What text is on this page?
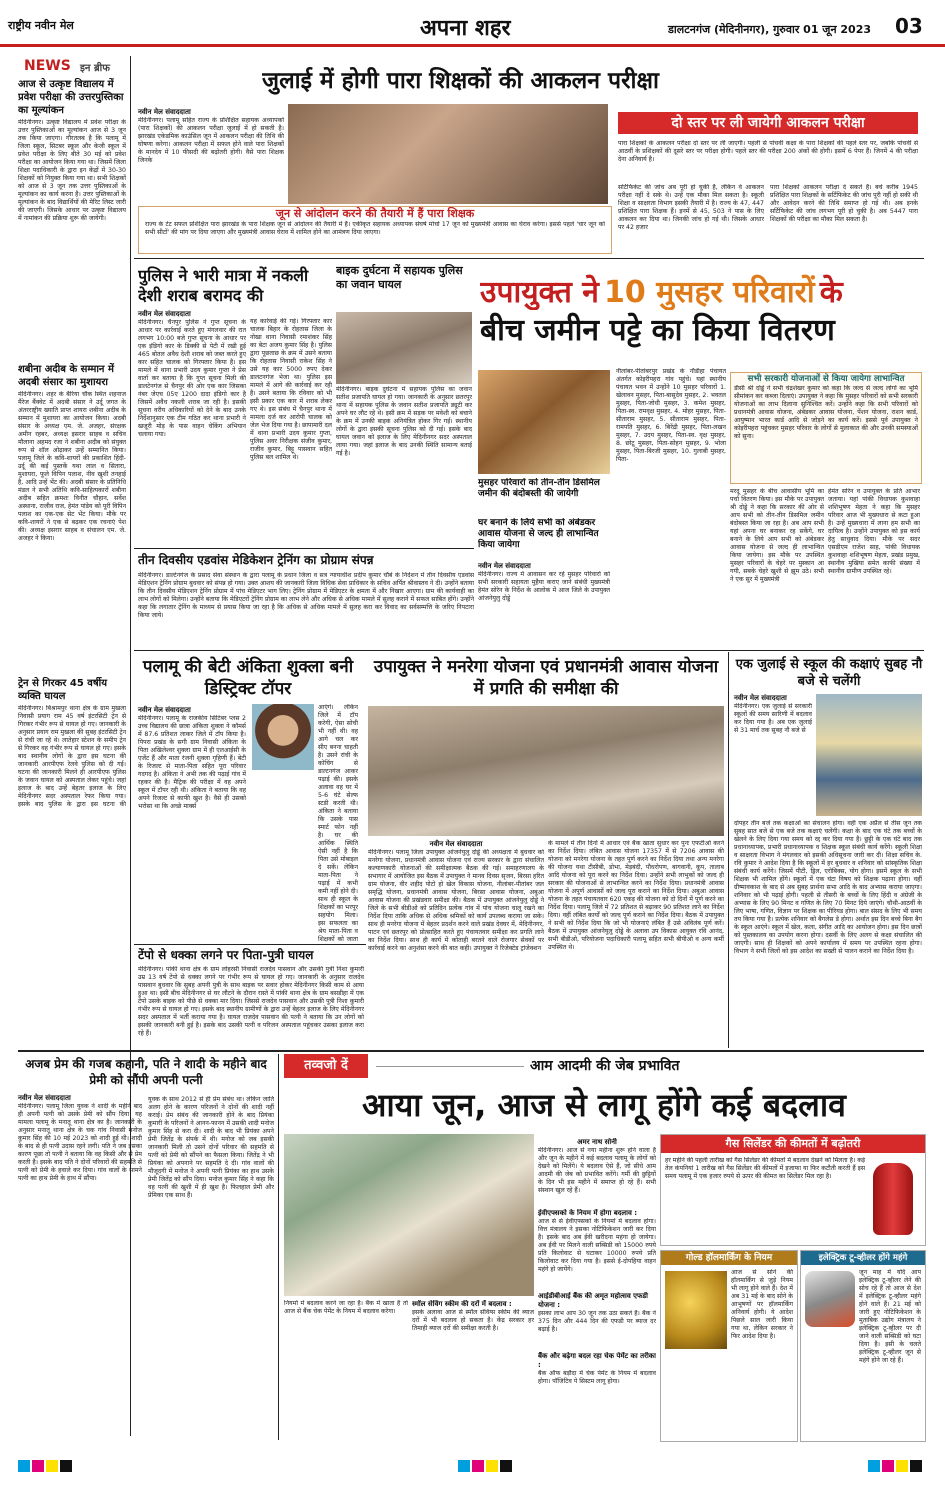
राष्ट्रीय नवीन मेल	अपना शहर	डालटनगंज (मेदिनीनगर), गुरुवार 01 जून 2023 03
NEWS इन ब्रीफ
आज से उत्कृष्ट विद्यालय में प्रवेश परीक्षा की उत्तरपुस्तिका का मूल्यांकन
मेदिनीनगर। उत्कृष्ट विद्यालय में प्रवेश परीक्षा के उत्तर पुस्तिकाओं का मूल्यांकन आज से 3 जून तक किया जाएगा। गौरतलब है कि पलामू में जिला स्कूल, सिटबर स्कूल और केजी स्कूल में प्रवेश परीक्षा के लिए बीते 30 मई को प्रवेश परीक्षा का आयोजन किया गया था। जिसमें जिला शिक्षा पदाधिकारी के द्वारा इन केंद्रों में 30-30 शिक्षकों को नियुक्त किया गया था। सभी शिक्षकों को आज से 3 जून तक उत्तर पुस्तिकाओं के मूल्यांकन का कार्य करना है। उत्तर पुस्तिकाओं के मूल्यांकन के बाद विद्यार्थियों की मेरिट लिस्ट जारी की जाएगी। जिसके आधार पर उत्कृष्ट विद्यालय में नामांकन की प्रक्रिया शुरू की जायेगी।
शबीना अदीब के सम्मान में अदबी संसार का मुशायरा
मेदिनीनगर। शहर के बैरिया चौक स्थित शहनाज मैरेज बैंक्वेट में अदबी संसार ने उर्दू जगत के अंतरराष्ट्रीय ख्याति प्राप्त शायरा शबीना अदीब के सम्मान में मुशायरा का आयोजन किया। अदबी संसार के अध्यक्ष एम. जे. अजहर, संरक्षक अमीन रहबर, अध्यक्ष इसरार साहब व सचिव मौलाना अहमद रजा ने शबीना अदीब को संयुक्त रूप से शॉल ओढ़ाकर उन्हें सम्मानित किया। पलामू जिले के कवि-शायरों की प्रकाशित हिंदी-उर्दू की कई पुस्तकें यथा लाल व सितारा, मुशायरा, फूले विपिन पलाश, नीव खुशी तनहाई है, आदि उन्हें भेंट की। अदबी संसार के प्रतिनिधि मंडल ने सभी अतिथि कवि-साहित्यकारों शबीना अदीब सहित क्रमशः विनीत चौहान, सर्वेश अस्थाना, राजीव राज, हेमंत पांडेय को पूरी विपिन पलाश का एक-एक सेट भेंट किया। मौके पर कवि-शायरों ने एक से बढ़कर एक रचनाएं पेश की। अध्यक्ष इसरार साहब व संचालन एम. जे. अजहर ने किया।
ट्रेन से गिरकर 45 वर्षीय व्यक्ति घायल
मेदिनीनगर। बिश्रामपुर थाना क्षेत्र के ग्राम मुखला निवासी प्रयाग राम 45 वर्ष इंटरसिटी ट्रेन से गिरकर गंभीर रूप से घायल हो गए। जानकारी के अनुसार प्रयाग राम मुखला की सुबह इंटरसिटी ट्रेन से रांची जा रहे थे। लातेहार स्टेशन के समीप ट्रेन से गिरकर वह गंभीर रूप से घायल हो गए। इसके बाद स्थानीय लोगों के द्वारा इस घटना की जानकारी आरपीएफ रेलवे पुलिस को दी गई। घटना की जानकारी मिलने ही आरपीएफ पुलिस के जवान घायल को अस्पताल लेकर पहुंचे। जहां इलाज के बाद उन्हें बेहतर इलाज के लिए मेदिनीनगर सदर अस्पताल रेफर किया गया। इसके बाद पुलिस के द्वारा इस घटना की
जुलाई में होगी पारा शिक्षकों की आकलन परीक्षा
नवीन मेल संवाददाता
मेदिनीनगर। पलामू सहित राज्य के प्रशिक्षित सहायक अध्यापकों (पारा शिक्षकों) की आकलन परीक्षा जुलाई में हो सकती है। झारखंड एकेडमिक काउंसिल जून में आकलन परीक्षा की तिथि की घोषणा करेगा। आकलन परीक्षा में सफल होने वाले पारा शिक्षकों के मानदेय में 10 फीसदी की बढ़ोतरी होगी। वैसे पारा शिक्षक जिनके
दो स्तर पर ली जायेगी आकलन परीक्षा
पारा शिक्षकों के आकलन परीक्षा दो स्तर पर ली जाएगी। पहली से पांचवीं कक्षा के पारा शिक्षकों की पहले स्तर पर, जबकि पांचवीं से आठवीं के प्रशिक्षकों की दूसरे स्तर पर परीक्षा होगी। पहले स्तर की परीक्षा 200 अंकों की होगी। इसमें 6 पेपर हैं। जिनमें 4 की परीक्षा देना अनिवार्य है।
सर्टिफिकेट की जांच अब पूरी हो चुकी है, लेकिन वे आकलन परीक्षा नहीं दे सके थे। उन्हें एक मौका मिल सकता है। स्कूली शिक्षा व साक्षरता विभाग इसकी तैयारी में है। राज्य के 47, 447 प्रशिक्षित पारा शिक्षक हैं। इनमें से 45, 503 ने पास के लिए आकलन कर दिया था। जिनकी जांच हो गई थी। जिसके आधार पर 42 हजार
पारा शिक्षकों आकलन परीक्षा दे सकते हैं। बचे करीब 1945 प्रशिक्षित पारा शिक्षकों के सर्टिफिकेट की जांच पूरी नहीं हो सकी थी और आवेदन करने की तिथि समाप्त हो गई थी। अब इनके सर्टिफिकेट की जांच लगभग पूरी हो चुकी है। अब 5447 पारा शिक्षकों की परीक्षा का मौका मिल सकता है।
जून से आंदोलन करने की तैयारी में हैं पारा शिक्षक
राज्य के टेट सफल प्रशिक्षित पारा झारखंड के पारा शिक्षक जून से आंदोलन की तैयारी में हैं। एकीकृत सहायक अध्यापक संघर्ष मोर्चा 17 जून को मुख्यमंत्री आवास का घेराव करेगा। इससे पहले 'चार जून को सभी सीटों' की मांग पर दिया जाएगा और मुख्यमंत्री आवास घेराव में शामिल होने का आमंत्रण दिया जाएगा।
पुलिस ने भारी मात्रा में नकली देशी शराब बरामद की
नवीन मेल संवाददाता
मेदिनीनगर। चैनपुर पुलिस ने गुप्त सूचना के आधार पर कार्रवाई करते हुए मंगलवार की रात लगभग 10:00 बजे गुप्त सूचना के आधार पर एक इंडिगो कार के डिक्की से पेटी में रखी हुई 465 बोतल अवैध देशी शराब को जब्त करते हुए कार सहित चालक को गिरफ्तार किया है। इस मामले में थाना प्रभारी उदय कुमार गुप्ता ने प्रेस वार्ता कर बताया है कि गुप्त सूचना मिली की डालटेनगंज से चैनपुर की ओर एक कार जिसका नंबर जेएच 05ए 1200 दादा इंडिगो कार है जिसमें अवैध नकली शराब जा रही है। इसकी सूचना वरीय अधिकारियों को देने के बाद उनके निर्देशानुसार एक टीम गठित कर थाना प्रभारी ने खजूरी मोड़ के पास वाहन चेकिंग अभियान चलाया गया।
यह कार्रवाई की गई। गिरफ्तार कार चालक बिहार के रोहतास जिला के नोखा थाना निवासी रमाशंकर सिंह का बेटा अजय कुमार सिंह है। पुलिस द्वारा पूछताछ के क्रम में उसने बताया कि रोहतास निवासी राकेश सिंह ने उसे यह कार 5000 रुपए देकर डालटनगंज भेजा था। पुलिस इस मामले में आगे की कार्रवाई कर रही है। उसने बताया कि रविवार को भी इसी प्रकार एक कार में शराब लेकर गए थे। इस संबंध में चैनपुर थाना में मामला दर्ज कर आरोपी चालक को जेल भेज दिया गया है। छापामारी दल में थाना प्रभारी उदय कुमार गुप्ता, पुलिस अवर निरीक्षक संजीव कुमार, राजीव कुमार, बिट्टू पासवान सहित पुलिस बल शामिल थे।
बाइक दुर्घटना में सहायक पुलिस का जवान घायल
मेदिनीनगर। बाइक दुर्घटना में सहायक पुलिस का जवान सतीश प्रजापति घायल हो गया। जानकारी के अनुसार छतरपुर थाना में सहायक पुलिस के जवान सतीश प्रजापति ड्यूटी कर अपने घर लौट रहे थे। इसी क्रम में सड़क पर मवेशी को बचाने के क्रम में उनकी बाइक अनियंत्रित होकर गिर गई। स्थानीय लोगों के द्वारा इसकी सूचना पुलिस को दी गई। इसके बाद घायल जवान को इलाज के लिए मेदिनीनगर सदर अस्पताल लाया गया। जहां इलाज के बाद उनकी स्थिति सामान्य बताई गई है।
उपायुक्त ने 10 मुसहर परिवारों के
बीच जमीन पट्टे का किया वितरण
मुसहर परिवारों को तीन-तीन डिसमिल जमीन की बंदोबस्ती की जायेगी
घर बनाने के लिये सभी को अंबेडकर आवास योजना से जल्द ही लाभान्वित किया जायेगा
नवीन मेल संवाददाता
मेदिनीनगर। राज्य में आवासन कर रहे मुसहर परिवारों को सभी सरकारी सहायता मुहैया कराए जाने संबंधी मुख्यमंत्री हेमंत सोरेन के निर्देश के आलोक में आज जिले के उपायुक्त आंजनेयुलु दोड्डे
नीलांबर-पीतांबरपुर प्रखंड के नौडीहा पंचायत अंतर्गत कोइरीपहरा गांव पहुंचे। यहां स्थानीय पंचायत भवन में उन्होंने 10 मुसहर परिवारों 1. खेलावन मुसहर, पिता-बासुदेव मुसहर, 2. भवतल मुसहर, पिता-जोधी मुसहर, 3. कमेश मुसहर, पिता-स्व. रामवृक्ष मुसहर, 4. मोहर मुसहर, पिता-सीताराम मुसहर, 5. सीताराम मुसहर, पिता-रामपति मुसहर, 6. बिरेंद्री मुसहर, पिता-लखन मुसहर, 7. उदय मुसहर, पिता-स्व. वृक्ष मुसहर, 8. छोटू मुसहर, पिता-सोहन मुसहर, 9. भोला मुसहर, पिता-बिरजी मुसहर, 10. गुलाबी मुसहर, पिता-
सभी सरकारी योजनाओं से किया जायेगा लाभान्वित
डीसी श्री दोड्डे ने सभी चंद्रशेखर कुमार को कहा कि जल्द से जल्द लोगों का भूमि सीमांकन कर कब्जा दिलाएं। उपायुक्त ने कहा कि मुसहर परिवारों को सभी सरकारी योजनाओं का लाभ दिलाना सुनिश्चित करें। उन्होंने कहा कि सभी परिवारों को प्रधानमंत्री आवास योजना, अंबेडकर आवास योजना, पेंशन योजना, राशन कार्ड, आयुष्मान भारत कार्ड आदि से जोड़ने का कार्य करें। इससे पूर्व उपायुक्त ने कोइरीपहरा पहुंचकर मुसहर परिवार के लोगों से मुलाकात की और उनकी समस्याओं को सुना।
मरदू मुसहर के बीच आवासीय भूमि का पर्चा वितरण किया। इस मौके पर उपायुक्त श्री दोड्डे ने कहा कि सरकार की ओर से आप सभी को तीन-तीन डिसमिल जमीन बंदोबस्त किया जा रहा है। अब आप सभी यहां अपना घर बनाकर रह सकेंगे, घर बनाने के लिये आप सभी को अंबेडकर आवास योजना से जल्द ही लाभान्वित किया जायेगा। इस मौके पर उपस्थित मुसहर परिवारों के चेहरे पर मुस्कान आ गयी, सबके चेहरे खुशी से झूम उठे। सभी ने एक सुर में मुख्यमंत्री
हेमंत सोरेन व उपायुक्त के प्रति आभार जताया। यहां पांकी विधायक कुशवाहा शशिभूषण मेहता ने कहा कि मुसहर परिवार आज भी मुख्यधारा से कटा हुआ है। उन्हें मुख्यधारा में लाना हम सभी का दायित्व है। उन्होंने उपायुक्त को इस कार्य हेतु साधुवाद दिया। मौके पर सदर एसडीएम राजेश साह, पांकी विधायक कुशवाहा शशिभूषण मेहता, प्रखंड प्रमुख, स्थानीय मुखिया समेत काफी संख्या में स्थानीय ग्रामीण उपस्थित रहे।
तीन दिवसीय एडवांस मेडिकेशन ट्रेनिंग का प्रोग्राम संपन्न
मेदिनीनगर। डाल्टेनगंज के प्रसाद सेवा संस्थान के द्वारा पलामू के प्रधान जिला व सत्र न्यायाधीश प्रदीप कुमार चौबे के निर्देशन में तीन दिवसीय एडवांस मेडिएशन ट्रेनिंग प्रोग्राम बुधवार को संपन्न हो गया। उक्त आशय की जानकारी जिला विधिक सेवा प्राधिकार के सचिव अर्पित श्रीवास्तव ने दी। उन्होंने बताया कि तीन दिवसीय मेडिएशन ट्रेनिंग प्रोग्राम में पांच मेडिएटर भाग लिए। ट्रेनिंग प्रोग्राम में मेडिएटर के क्षमता में और निखार आएगा। ग्राम की कार्यवाही का लाभ लोगों को मिलेगा। उन्होंने बताया कि मेडिएटरों ट्रेनिंग प्रोग्राम का लाभ लेने और अधिक से अधिक मामले में सुलह कराने में सफल साबित होंगे। उन्होंने कहा कि लगातार ट्रेनिंग के माध्यम से प्रयास किया जा रहा है कि अधिक से अधिक मामले में सुलह करा कर विवाद का सर्वसम्मत्ति के जरिए निपटारा किया जाये।
पलामू की बेटी अंकिता शुक्ला बनी डिस्ट्रिक्ट टॉपर
नवीन मेल संवाददाता
मेदिनीनगर। पलामू के राजकीय सिटिबर प्लस 2 उच्च विद्यालय की छात्रा अंकिता शुक्ला ने कॉमर्स में 87.6 प्रतिशत लाकर जिले में टॉप किया है। पिपरा प्रखंड के सगी ग्राम निवासी अंकिता के पिता अखिलेश्वर शुक्ला ग्राम में ही एलआईसी के एजेंट हैं और माता रंजनी शुक्ला गृहिणी हैं। बेटी के रिजल्ट से माता-पिता सहित पूरा परिवार गदगद है। अंकिता ने अभी तक की पढ़ाई गांव में रहकर की है। मैट्रिक की परीक्षा में वह अपने स्कूल में टॉपर रही थी। अंकिता ने बताया कि वह अपने रिजल्ट से काफी खुश है। वैसे ही उसको भरोसा था कि अच्छे मार्क्स
आएंगे। लेकिन जिले में टॉप करेगी, ऐसा सोची भी नहीं थी। वह आगे चल कर सीए बनना चाहती है। उसने रांची के कोचिंग से डाल्टनगंज आकर पढ़ाई की। इसके अलावा वह घर में 5-6 घंटे सेल्फ स्टडी करती थी। अंकिता ने बताया कि उसके पास स्मार्ट फोन नहीं है। घर की आर्थिक स्थिति ऐसी नहीं है कि पिता उसे मोबाइल दे सकें। लेकिन माता-पिता ने पढ़ाई में कभी कमी नहीं होने दी। साथ ही स्कूल के शिक्षकों का भरपूर सहयोग मिला। इस सफलता का श्रेय माता-पिता व शिक्षकों को जाता
टेंपो से धक्का लगने पर पिता-पुत्री घायल
मेदिनीनगर। पांकी थाना क्षेत्र के ग्राम लोहरसी निवासी राजदेव पासवान और उसकी पुत्री निशा कुमारी उम्र 13 वर्ष टेंपो से धक्का लगने पर गंभीर रूप से घायल हो गए। जानकारी के अनुसार राजदेव पासवान बुधवार कि सुबह अपनी पुत्री के साथ बाइक पर सवार होकर मेदिनीनगर किसी काम से आया हुआ था। इसी बीच मेदिनीनगर से घर लौटने के दौरान रास्ते में पांकी थाना क्षेत्र के ग्राम बसडीहा में एक टेंपो उसके बाइक को पीछे से धक्का मार दिया। जिससे राजदेव पासवान और उसकी पुत्री निशा कुमारी गंभीर रूप से घायल हो गए। इसके बाद स्थानीय ग्रामीणों के द्वारा उन्हें बेहतर इलाज के लिए मेदिनीनगर सदर अस्पताल में भर्ती कराया गया है। घायल राजदेव पासवान की पत्नी ने बताया कि उन लोगों को इसकी जानकारी बनी हुई है। इसके बाद उसकी पत्नी व परिजन अस्पताल पहुंचकर उसका इलाज करा रहे हैं।
उपायुक्त ने मनरेगा योजना एवं प्रधानमंत्री आवास योजना में प्रगति की समीक्षा की
नवीन मेल संवाददाता
मेदिनीनगर। पलामू जिला उपायुक्त आंजनेयुलु दोड्डे की अध्यक्षता में बुधवार को मनरेगा योजना, प्रधानमंत्री आवास योजना एवं राज्य सरकार के द्वारा संचालित कल्याणकारी योजनाओं की समीक्षात्मक बैठक की गई। समाहरणालय के सभागार में आयोजित इस बैठक में उपायुक्त ने मानव दिवस सृजन, बिरसा हरित ग्राम योजना, वीर शहीद पोटो हो खेल विकास योजना, नीलांबर-पीतांबर जल समृद्धि योजना, प्रधानमंत्री आवास योजना, बिरसा आवास योजना, अबुआ आवास योजना की प्रखंडवार समीक्षा की। बैठक में उपायुक्त आंजनेयुलु दोड्डे ने जिले के सभी बीडीओ को प्रतिदिन प्रत्येक गांव में पांच योजना चालू रखने का निर्देश दिया ताकि अधिक से अधिक श्रमिकों को कार्य उपलब्ध कराया जा सके। साथ ही मनरेगा योजना में बेहतर प्रदर्शन करने वाले प्रखंड देवघर में, मेदिनीनगर, पाटन एवं छतरपुर को प्रोत्साहित करते हुए पंचायतवार समीक्षा कर प्रगति लाने का निर्देश दिया। साथ ही कार्य में कोताही बरतने वाले रोजगार सेवकों पर कार्रवाई करने का अनुशंसा करने की बात कही। उपायुक्त ने रिजेक्टेड ट्रांजेक्शन
के मामले में तीन दिनों में आधार एवं बैंक खाता सुधार कर पुनः एफटीओ करने का निर्देश दिया। लंबित आवास योजना 17357 में से 7206 आवास की योजना को मनरेगा योजना के तहत पूर्ण करने का निर्देश दिया तथा अन्य मनरेगा की योजना यथा टीसीबी, डोभा, मेड़बंदी, पौधरोपण, बागवानी, कूप, तालाब आदि योजना को पूरा करने का निर्देश दिया। उन्होंने सभी लाभुकों को जल्द ही सरकार की योजनाओं से लाभान्वित करने का निर्देश दिया। प्रधानमंत्री आवास योजना में अपूर्ण आवासों को जल्द पूरा कराने का निर्देश दिया। अबुआ आवास योजना के तहत पंचायतवार 620 एकड़ की योजना को दो दिनों में पूर्ण करने का निर्देश दिया। पलामू जिले में 72 प्रतिशत से बढ़ाकर 90 प्रतिशत लाने का निर्देश दिया। वहीं लंबित कार्यों को जल्द पूर्ण कराने का निर्देश दिया। बैठक में उपायुक्त ने सभी को निर्देश दिया कि जो भी योजनाएं लंबित हैं उसे अविलंब पूर्ण करें। बैठक में उपायुक्त आंजनेयुलु दोड्डे के अलावा उप विकास आयुक्त रवि आनंद, सभी बीडीओ, परियोजना पदाधिकारी पलामू सहित सभी बीपीओ व अन्य कर्मी उपस्थित थे।
एक जुलाई से स्कूल की कक्षाएं सुबह नौ बजे से चलेंगी
नवीन मेल संवाददाता
मेदिनीनगर। एक जुलाई से सरकारी स्कूलों की समय सारिणी में बदलाव कर दिया गया है। अब एक जुलाई से 31 मार्च तक सुबह नौ बजे से
दोपहर तीन बजे तक कक्षाओं का संचालन होगा। वहीं एक अप्रैल से तीस जून तक सुबह सात बजे से एक बजे तक कक्षाएं चलेंगी। कक्षा के बाद एक घंटे तक बच्चों के खेलने के लिए दिया गया समय को रद्द कर दिया गया है। छुट्टी के एक घंटे बाद तक प्रधानाध्यापक, प्रभारी प्रधानाध्यापक व शिक्षक स्कूल संबंधी कार्य करेंगे। स्कूली शिक्षा व साक्षरता विभाग ने मंगलवार को इसकी अधिसूचना जारी कर दी। शिक्षा सचिव के. रवि कुमार ने आदेश दिया है कि स्कूलों में हर बुधवार व शनिवार को सांस्कृतिक शिक्षा संबंधी कार्य करेंगे। जिसमें पीटी, ड्रिल, एरोबिक्स, योग होगा। इसमें स्कूल के सभी शिक्षक भी शामिल होंगे। स्कूलों में एक घंटा विषय को शिक्षक पढ़ाना होगा। वहीं ग्रीष्मावकाश के बाद से अब सुबह प्रार्थना सभा आदि के बाद अभ्यास कराया जाएगा। शनिवार को भी पढ़ाई होगी। पहली से तीसरी के बच्चों के लिए हिंदी व अंग्रेजी के अभ्यास के लिए 90 मिनट व गणित के लिए 70 मिनट दिये जाएंगे। चौथी-आठवीं के लिए भाषा, गणित, विज्ञान पर शिक्षक का पीरियड होगा। बाल संसद के लिए भी समय तय किया गया है। प्रत्येक शनिवार को बैगलेस डे होगा। अर्थात इस दिन बच्चे बिना बैग के स्कूल आएंगे। स्कूल में खेल, कला, संगीत आदि का आयोजन होगा। इस दिन छात्रों को पुस्तकालय का उपयोग करना होगा। दसवीं के लिए अलग से कक्षा संचालित की जाएगी। साथ ही शिक्षकों को अपने कार्यालय में समय पर उपस्थित रहना होगा। विभाग ने सभी जिलों को इस आदेश का सख्ती से पालन कराने का निर्देश दिया है।
अजब प्रेम की गजब कहानी, पति ने शादी के महीने बाद प्रेमी को सौंपी अपनी पत्नी
नवीन मेल संवाददाता
मेदिनीनगर। पलामू जिला युवक ने शादी के महीने बाद ही अपनी पत्नी को उसके प्रेमी को सौंप दिया। यह मामला पलामू के मनातू थाना क्षेत्र का है। जानकारी के अनुसार मनातू थाना क्षेत्र के चक गांव निवासी मनोज कुमार सिंह की 10 मई 2023 को शादी हुई थी। शादी के बाद से ही पत्नी उदास रहने लगी। पति ने जब इसका कारण पूछा तो पत्नी ने बताया कि वह किसी और से प्रेम करती है। इसके बाद पति ने दोनों परिवारों की सहमति से पत्नी को प्रेमी के हवाले कर दिया। गांव वालों के सामने पत्नी का हाथ प्रेमी के हाथ में सौंपा।
युवक के साथ 2012 से ही प्रेम संबंध था। लेकिन जाति अलग होने के कारण परिजनों ने दोनों की शादी नहीं कराई। प्रेम संबंध की जानकारी होने के बाद प्रियंका कुमारी के परिजनों ने आनन-फानन में उसकी शादी मनोज कुमार सिंह से करा दी। शादी के बाद भी प्रियंका अपने प्रेमी जितेंद्र के संपर्क में थी। मनोज को जब इसकी जानकारी मिली तो उसने दोनों परिवार की सहमति से पत्नी को प्रेमी को सौंपने का फैसला किया। जितेंद्र ने भी प्रियंका को अपनाने पर सहमति दे दी। गांव वालों की मौजूदगी में मनोज ने अपनी पत्नी प्रियंका का हाथ उसके प्रेमी जितेंद्र को सौंप दिया। मनोज कुमार सिंह ने कहा कि वह पत्नी की खुशी में ही खुश है। फिलहाल प्रेमी और प्रेमिका एक साथ हैं।
तव्वजो दें	आम आदमी की जेब प्रभावित
आया जून, आज से लागू होंगे कई बदलाव
अमर नाथ सोनी
मेदिनीनगर। आज से नया महीना शुरू होने वाला है और जून के महीने में कई बदलाव पलामू के लोगों को देखने को मिलेंगे। ये बदलाव ऐसे हैं, जो सीधे आम आदमी की जेब को प्रभावित करेंगे। गर्मी की छुट्टियों के दिन भी इस महीने में समाप्त हो रहे हैं। सभी संस्थान खुल रहे हैं।
ईवीएफ्सको के नियम में होगा बदलाव :
आज से से ईवीएफ्सको के नियमों में बदलाव होगा। वित्त मंत्रालय ने इसका नोटिफिकेशन जारी कर दिया है। इसके बाद अब ईवी खरीदना महंगा हो जायेगा। अब ईवी पर मिलने वाली सब्सिडी को 15000 रुपये प्रति किलोवाट से घटाकर 10000 रुपये प्रति किलोवाट कर दिया गया है। इससे ई-दोपहिया वाहन महंगे हो जायेंगे।
आईडीबीआई बैंक की अमृत महोत्सव एफडी योजना :
इसका लाभ आप 30 जून तक उठा सकते हैं। बैंक ने 375 दिन और 444 दिन की एफडी पर ब्याज दर बढ़ाई है।
बैंक और बढ़ेगा बदल रहा चेक पेमेंट का तरीका :
बैंक ऑफ बड़ौदा में चेक पेमेंट के नियम में बदलाव होगा। पॉजिटिव पे सिस्टम लागू होगा।
नियमों में बदलाव करने जा रहा है। बैंक में खाता है तो आज से बैंक चेक पेमेंट के नियम में बदलाव करेगा।
स्मॉल सेविंग स्कीम की दरों में बदलाव :
इसके अलावा आज से स्मॉल सेविंग्स स्कीम की ब्याज दरों में भी बदलाव हो सकता है। केंद्र सरकार हर तिमाही ब्याज दरों की समीक्षा करती है।
गैस सिलेंडर की कीमतों में बढ़ोतरी
हर महीने की पहली तारीख को गैस सिलेंडर की कीमतों में बदलाव देखने को मिलता है। कई तेल कंपनियां 1 तारीख को गैस सिलेंडर की कीमतों में इजाफा या फिर कटौती करती हैं इस समय पलामू में एक हजार रुपये से ऊपर की कीमत का सिलेंडर मिल रहा है।
गोल्ड हॉलमार्किंग के नियम
आज से सोने की हॉलमार्किंग से जुड़े नियम भी लागू होने वाले हैं। देश में अब 31 मई के बाद सोने के आभूषणों पर हॉलमार्किंग अनिवार्य होगी। ये आदेश पिछले साल जारी किया गया था, लेकिन सरकार ने फिर आदेश दिया है।
इलेक्ट्रिक टू-व्हीलर होंगे महंगे
जून माह में यदि आप इलेक्ट्रिक टू-व्हीलर लेने की सोच रहे हैं तो आज से देश में इलेक्ट्रिक टू-व्हीलर महंगे होने वाले हैं। 21 मई को जारी हुए नोटिफिकेशन के मुताबिक उद्योग मंत्रालय ने इलेक्ट्रिक टू-व्हीलर पर दी जाने वाली सब्सिडी को घटा दिया है। इसी के चलते इलेक्ट्रिक टू-व्हीलर जून से महंगे होने जा रहे हैं।
